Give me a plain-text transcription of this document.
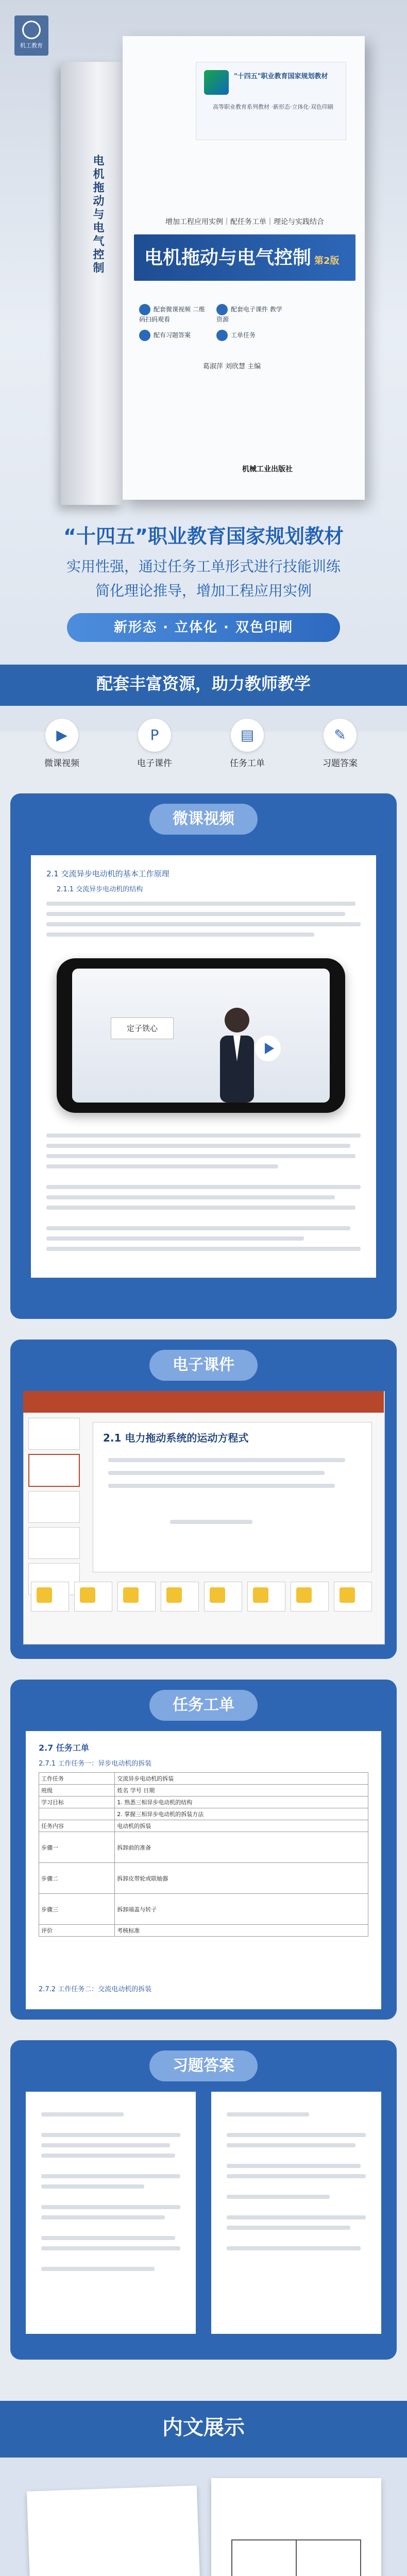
机工教育
电机拖动与电气控制
"十四五"职业教育国家规划教材
高等职业教育系列教材 ·新形态·立体化·双色印刷
增加工程应用实例｜配任务工单｜理论与实践结合
电机拖动与电气控制 第2版
配套微课视频 二维码扫码观看
配套电子课件 教学资源
配有习题答案	工单任务
葛淑萍 刘欣慧 主编
机械工业出版社
“十四五”职业教育国家规划教材
实用性强，通过任务工单形式进行技能训练
简化理论推导，增加工程应用实例
新形态 · 立体化 · 双色印刷
配套丰富资源，助力教师教学
▶
微课视频
P
电子课件
▤
任务工单
✎
习题答案
微课视频
2.1 交流异步电动机的基本工作原理
2.1.1 交流异步电动机的结构
定子铁心
电子课件
2.1 电力拖动系统的运动方程式
任务工单
2.7 任务工单
2.7.1 工作任务一：异步电动机的拆装
工作任务	交流异步电动机的拆装
班级	姓名 学号 日期
学习目标	1. 熟悉三相异步电动机的结构
	2. 掌握三相异步电动机的拆装方法
任务内容	电动机的拆装
步骤一	拆卸前的准备
步骤二	拆卸皮带轮或联轴器
步骤三	拆卸端盖与转子
评价	考核标准
2.7.2 工作任务二：交流电动机的拆装
习题答案
内文展示
